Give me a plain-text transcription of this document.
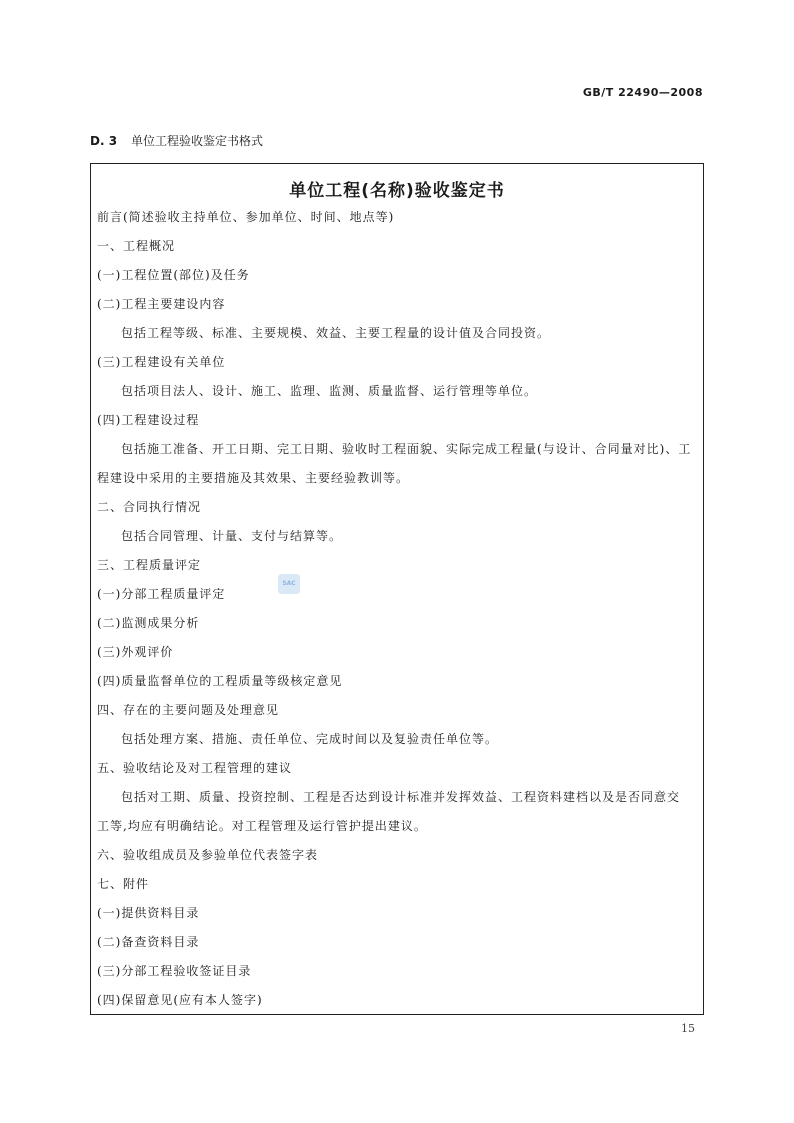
GB/T 22490—2008
D. 3 单位工程验收鉴定书格式
单位工程(名称)验收鉴定书
前言(简述验收主持单位、参加单位、时间、地点等)
一、工程概况
(一)工程位置(部位)及任务
(二)工程主要建设内容
包括工程等级、标准、主要规模、效益、主要工程量的设计值及合同投资。
(三)工程建设有关单位
包括项目法人、设计、施工、监理、监测、质量监督、运行管理等单位。
(四)工程建设过程
包括施工准备、开工日期、完工日期、验收时工程面貌、实际完成工程量(与设计、合同量对比)、工
程建设中采用的主要措施及其效果、主要经验教训等。
二、合同执行情况
包括合同管理、计量、支付与结算等。
三、工程质量评定
(一)分部工程质量评定
(二)监测成果分析
(三)外观评价
(四)质量监督单位的工程质量等级核定意见
四、存在的主要问题及处理意见
包括处理方案、措施、责任单位、完成时间以及复验责任单位等。
五、验收结论及对工程管理的建议
包括对工期、质量、投资控制、工程是否达到设计标准并发挥效益、工程资料建档以及是否同意交
工等,均应有明确结论。对工程管理及运行管护提出建议。
六、验收组成员及参验单位代表签字表
七、附件
(一)提供资料目录
(二)备查资料目录
(三)分部工程验收签证目录
(四)保留意见(应有本人签字)
SAC
15
